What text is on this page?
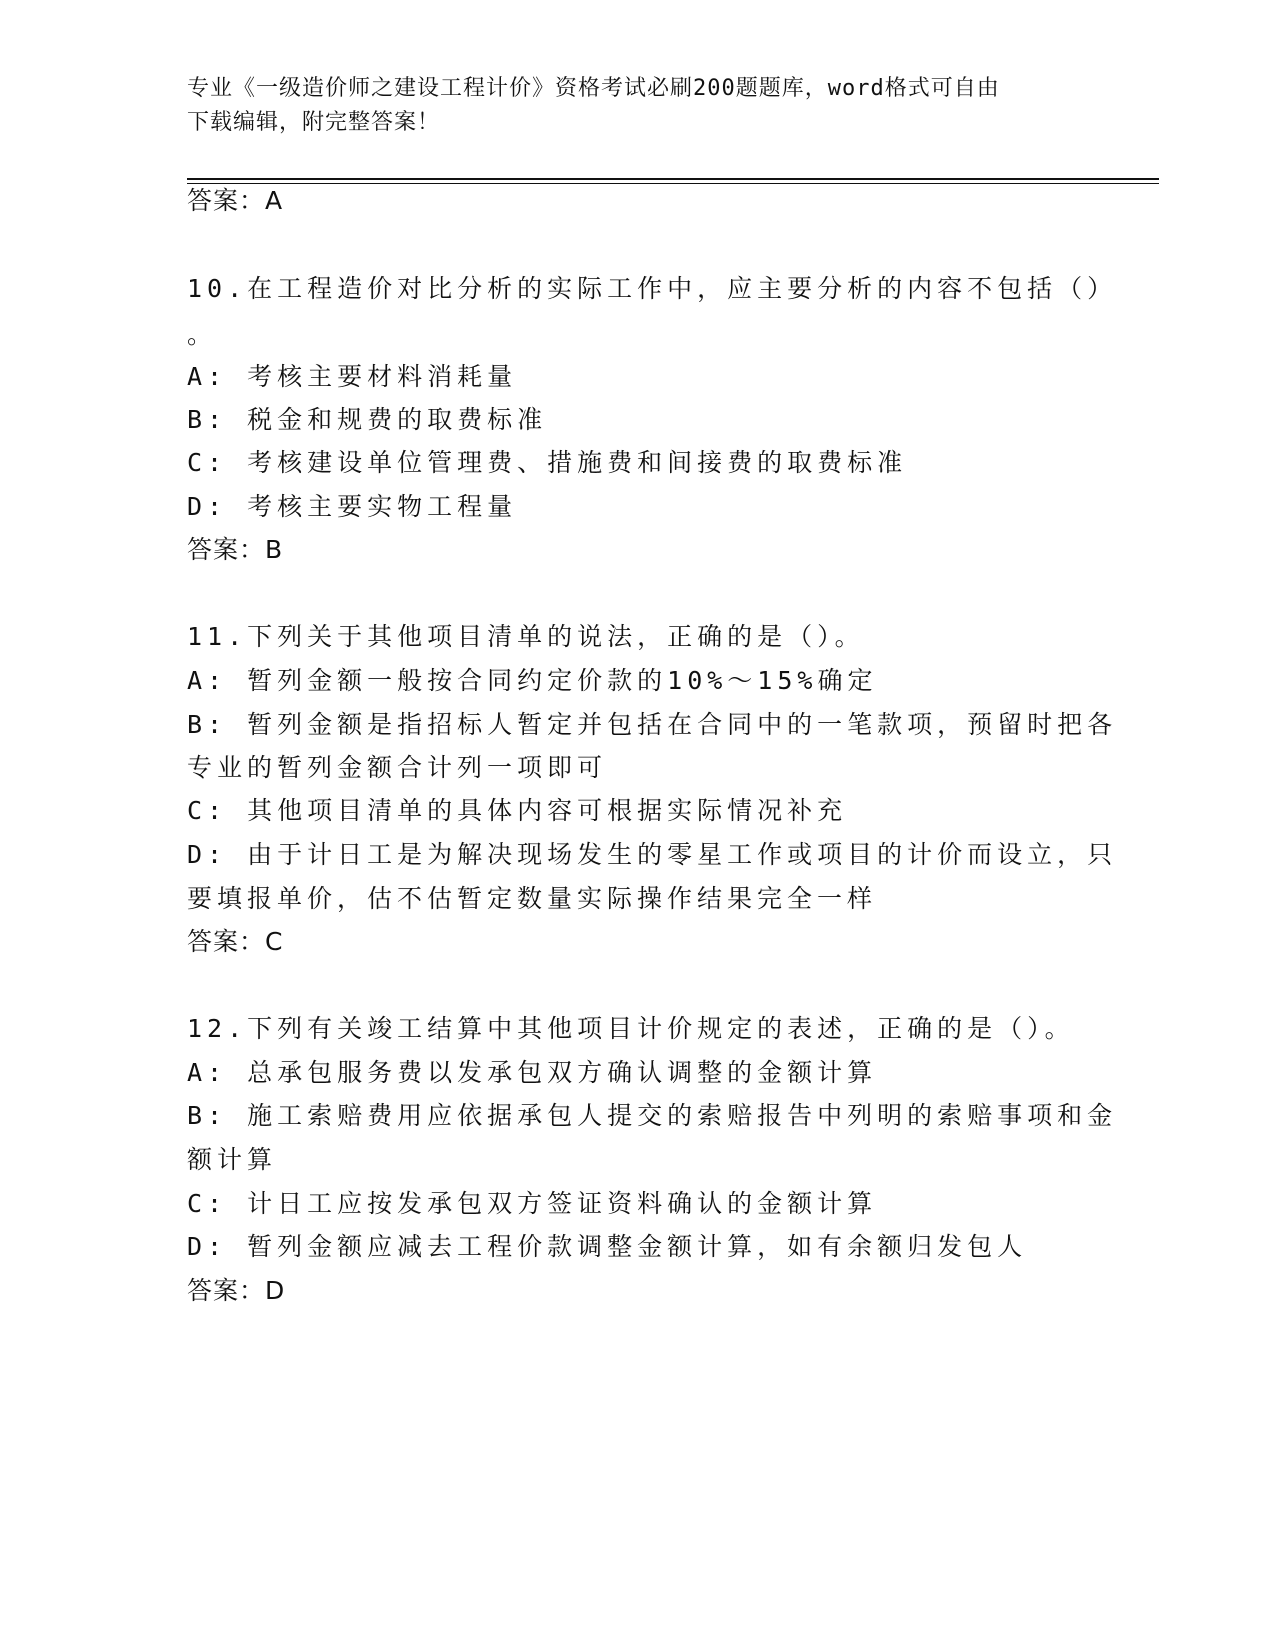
专业《一级造价师之建设工程计价》资格考试必刷200题题库，word格式可自由
下载编辑，附完整答案！
答案：A
10.在工程造价对比分析的实际工作中，应主要分析的内容不包括（）
。
A: 考核主要材料消耗量
B: 税金和规费的取费标准
C: 考核建设单位管理费、措施费和间接费的取费标准
D: 考核主要实物工程量
答案：B
11.下列关于其他项目清单的说法，正确的是（）。
A: 暂列金额一般按合同约定价款的10%～15%确定
B: 暂列金额是指招标人暂定并包括在合同中的一笔款项，预留时把各
专业的暂列金额合计列一项即可
C: 其他项目清单的具体内容可根据实际情况补充
D: 由于计日工是为解决现场发生的零星工作或项目的计价而设立，只
要填报单价，估不估暂定数量实际操作结果完全一样
答案：C
12.下列有关竣工结算中其他项目计价规定的表述，正确的是（）。
A: 总承包服务费以发承包双方确认调整的金额计算
B: 施工索赔费用应依据承包人提交的索赔报告中列明的索赔事项和金
额计算
C: 计日工应按发承包双方签证资料确认的金额计算
D: 暂列金额应减去工程价款调整金额计算，如有余额归发包人
答案：D
